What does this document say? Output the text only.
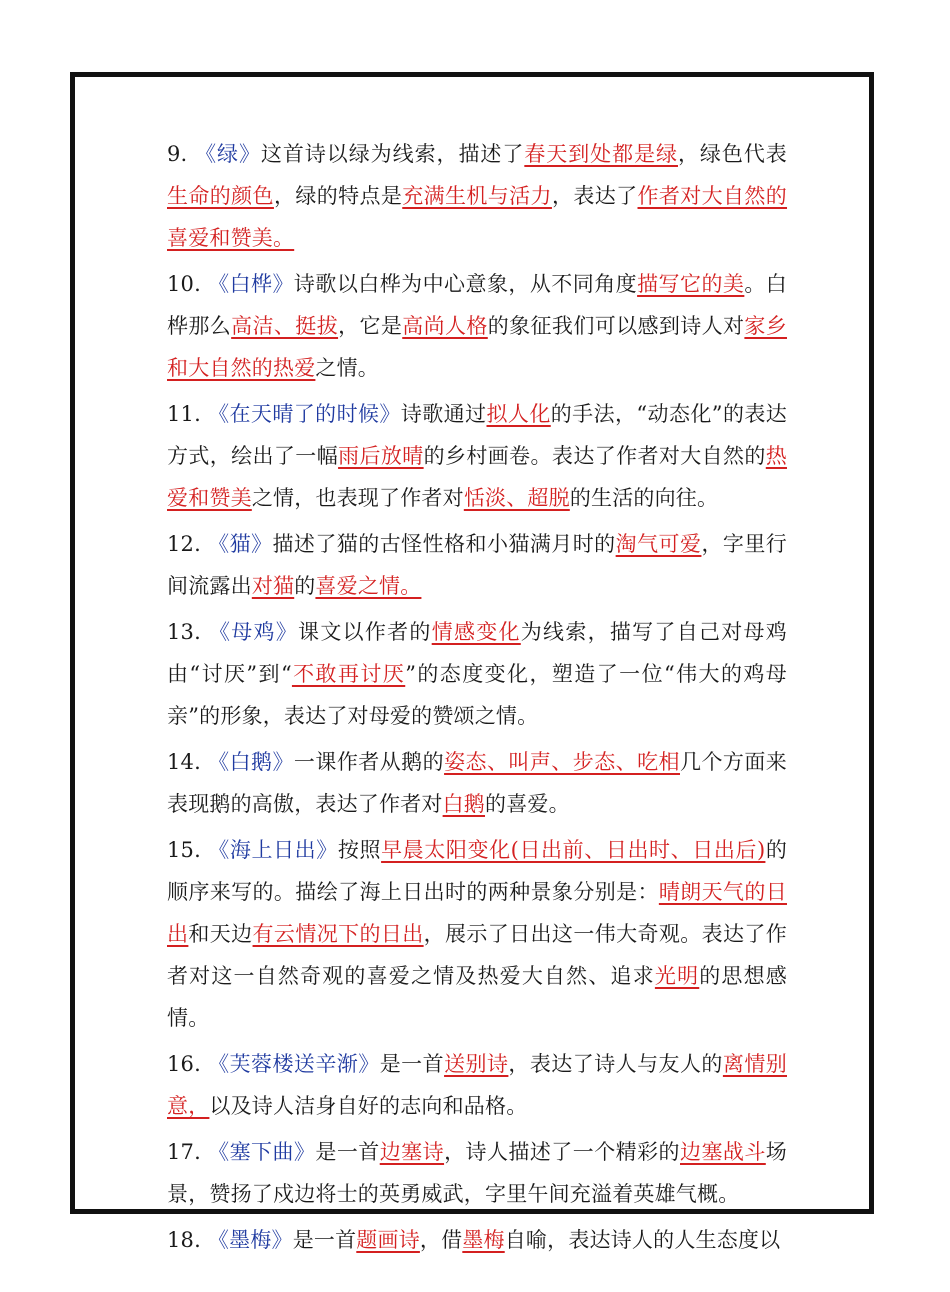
9. 《绿》这首诗以绿为线索，描述了春天到处都是绿，绿色代表生命的颜色，绿的特点是充满生机与活力，表达了作者对大自然的喜爱和赞美。

10. 《白桦》诗歌以白桦为中心意象，从不同角度描写它的美。白桦那么高洁、挺拔，它是高尚人格的象征我们可以感到诗人对家乡和大自然的热爱之情。

11. 《在天晴了的时候》诗歌通过拟人化的手法，“动态化”的表达方式，绘出了一幅雨后放晴的乡村画卷。表达了作者对大自然的热爱和赞美之情，也表现了作者对恬淡、超脱的生活的向往。

12. 《猫》描述了猫的古怪性格和小猫满月时的淘气可爱，字里行间流露出对猫的喜爱之情。

13. 《母鸡》课文以作者的情感变化为线索，描写了自己对母鸡由“讨厌”到“不敢再讨厌”的态度变化，塑造了一位“伟大的鸡母亲”的形象，表达了对母爱的赞颂之情。

14. 《白鹅》一课作者从鹅的姿态、叫声、步态、吃相几个方面来表现鹅的高傲，表达了作者对白鹅的喜爱。

15. 《海上日出》按照早晨太阳变化(日出前、日出时、日出后)的顺序来写的。描绘了海上日出时的两种景象分别是：晴朗天气的日出和天边有云情况下的日出，展示了日出这一伟大奇观。表达了作者对这一自然奇观的喜爱之情及热爱大自然、追求光明的思想感情。

16. 《芙蓉楼送辛渐》是一首送别诗，表达了诗人与友人的离情别意，以及诗人洁身自好的志向和品格。

17. 《塞下曲》是一首边塞诗，诗人描述了一个精彩的边塞战斗场景，赞扬了戍边将士的英勇威武，字里午间充溢着英雄气概。

18. 《墨梅》是一首题画诗，借墨梅自喻，表达诗人的人生态度以
